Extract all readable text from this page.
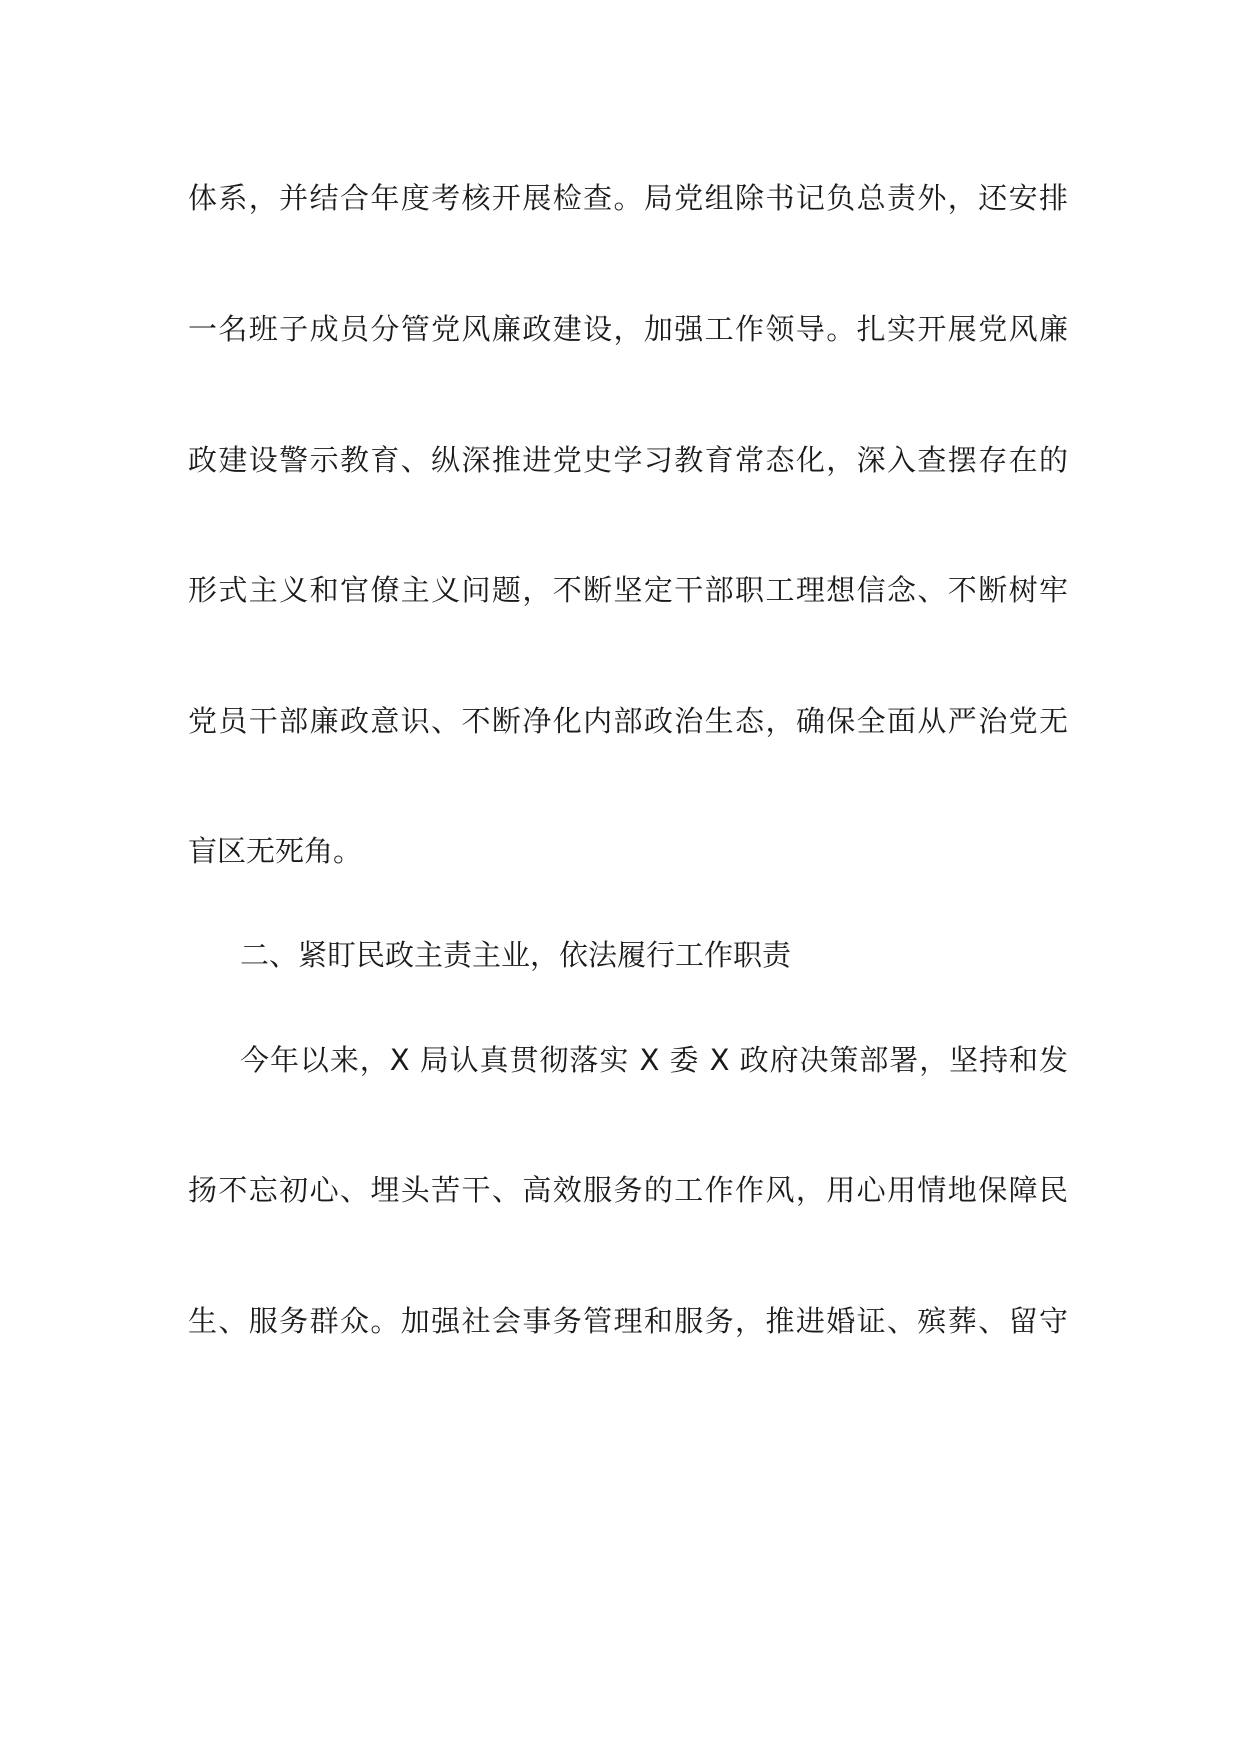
体系，并结合年度考核开展检查。局党组除书记负总责外，还安排
一名班子成员分管党风廉政建设，加强工作领导。扎实开展党风廉
政建设警示教育、纵深推进党史学习教育常态化，深入查摆存在的
形式主义和官僚主义问题，不断坚定干部职工理想信念、不断树牢
党员干部廉政意识、不断净化内部政治生态，确保全面从严治党无
盲区无死角。
二、紧盯民政主责主业，依法履行工作职责
今年以来，X 局认真贯彻落实 X 委 X 政府决策部署，坚持和发
扬不忘初心、埋头苦干、高效服务的工作作风，用心用情地保障民
生、服务群众。加强社会事务管理和服务，推进婚证、殡葬、留守
